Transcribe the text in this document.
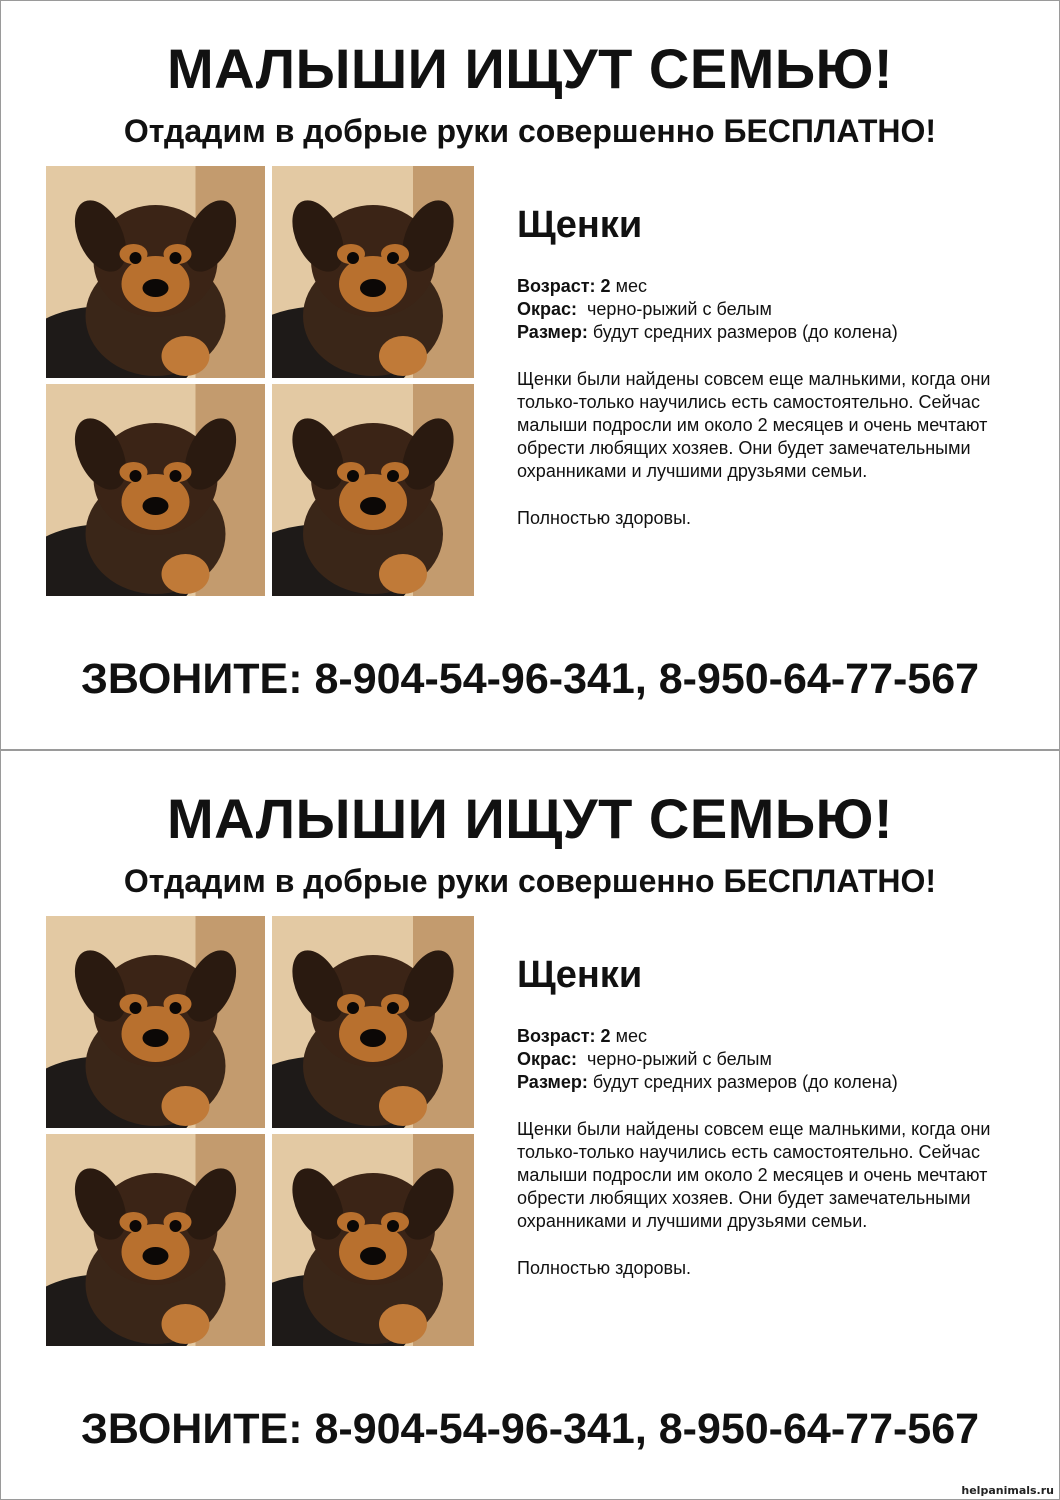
МАЛЫШИ ИЩУТ СЕМЬЮ!
Отдадим в добрые руки совершенно БЕСПЛАТНО!
Щенки
Возраст: 2 мес
Окрас: черно-рыжий с белым
Размер: будут средних размеров (до колена)
Щенки были найдены совсем еще малнькими, когда они только-только научились есть самостоятельно. Сейчас малыши подросли им около 2 месяцев и очень мечтают обрести любящих хозяев. Они будет замечательными охранниками и лучшими друзьями семьи.
Полностью здоровы.
ЗВОНИТЕ: 8-904-54-96-341, 8-950-64-77-567
МАЛЫШИ ИЩУТ СЕМЬЮ!
Отдадим в добрые руки совершенно БЕСПЛАТНО!
Щенки
Возраст: 2 мес
Окрас: черно-рыжий с белым
Размер: будут средних размеров (до колена)
Щенки были найдены совсем еще малнькими, когда они только-только научились есть самостоятельно. Сейчас малыши подросли им около 2 месяцев и очень мечтают обрести любящих хозяев. Они будет замечательными охранниками и лучшими друзьями семьи.
Полностью здоровы.
ЗВОНИТЕ: 8-904-54-96-341, 8-950-64-77-567
helpanimals.ru
